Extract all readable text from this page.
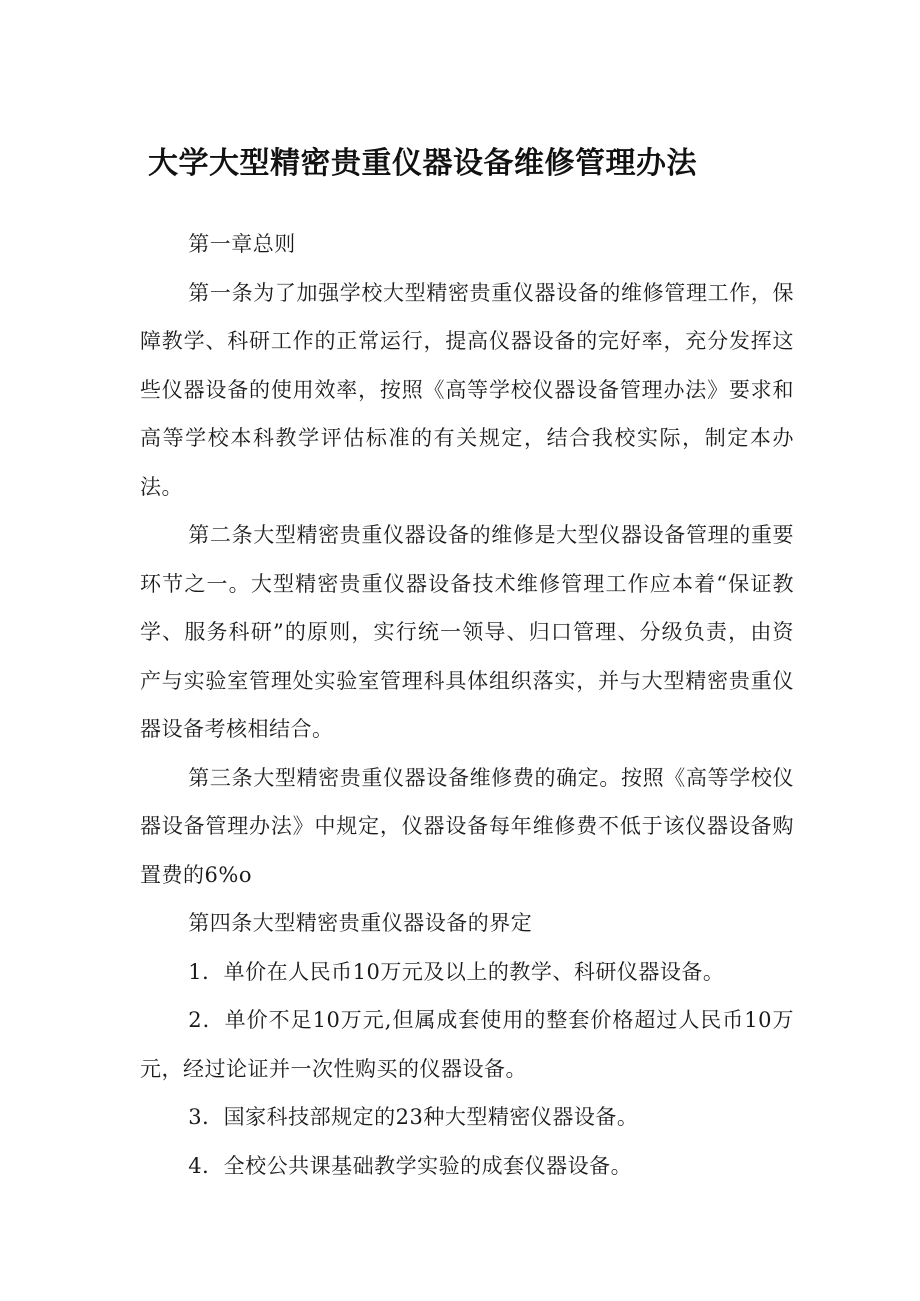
大学大型精密贵重仪器设备维修管理办法

第一章总则

第一条为了加强学校大型精密贵重仪器设备的维修管理工作，保障教学、科研工作的正常运行，提高仪器设备的完好率，充分发挥这些仪器设备的使用效率，按照《高等学校仪器设备管理办法》要求和高等学校本科教学评估标准的有关规定，结合我校实际，制定本办法。

第二条大型精密贵重仪器设备的维修是大型仪器设备管理的重要环节之一。大型精密贵重仪器设备技术维修管理工作应本着“保证教学、服务科研”的原则，实行统一领导、归口管理、分级负责，由资产与实验室管理处实验室管理科具体组织落实，并与大型精密贵重仪器设备考核相结合。

第三条大型精密贵重仪器设备维修费的确定。按照《高等学校仪器设备管理办法》中规定，仪器设备每年维修费不低于该仪器设备购置费的6%o

第四条大型精密贵重仪器设备的界定

1．单价在人民币10万元及以上的教学、科研仪器设备。

2．单价不足10万元,但属成套使用的整套价格超过人民币10万元，经过论证并一次性购买的仪器设备。

3．国家科技部规定的23种大型精密仪器设备。

4．全校公共课基础教学实验的成套仪器设备。
